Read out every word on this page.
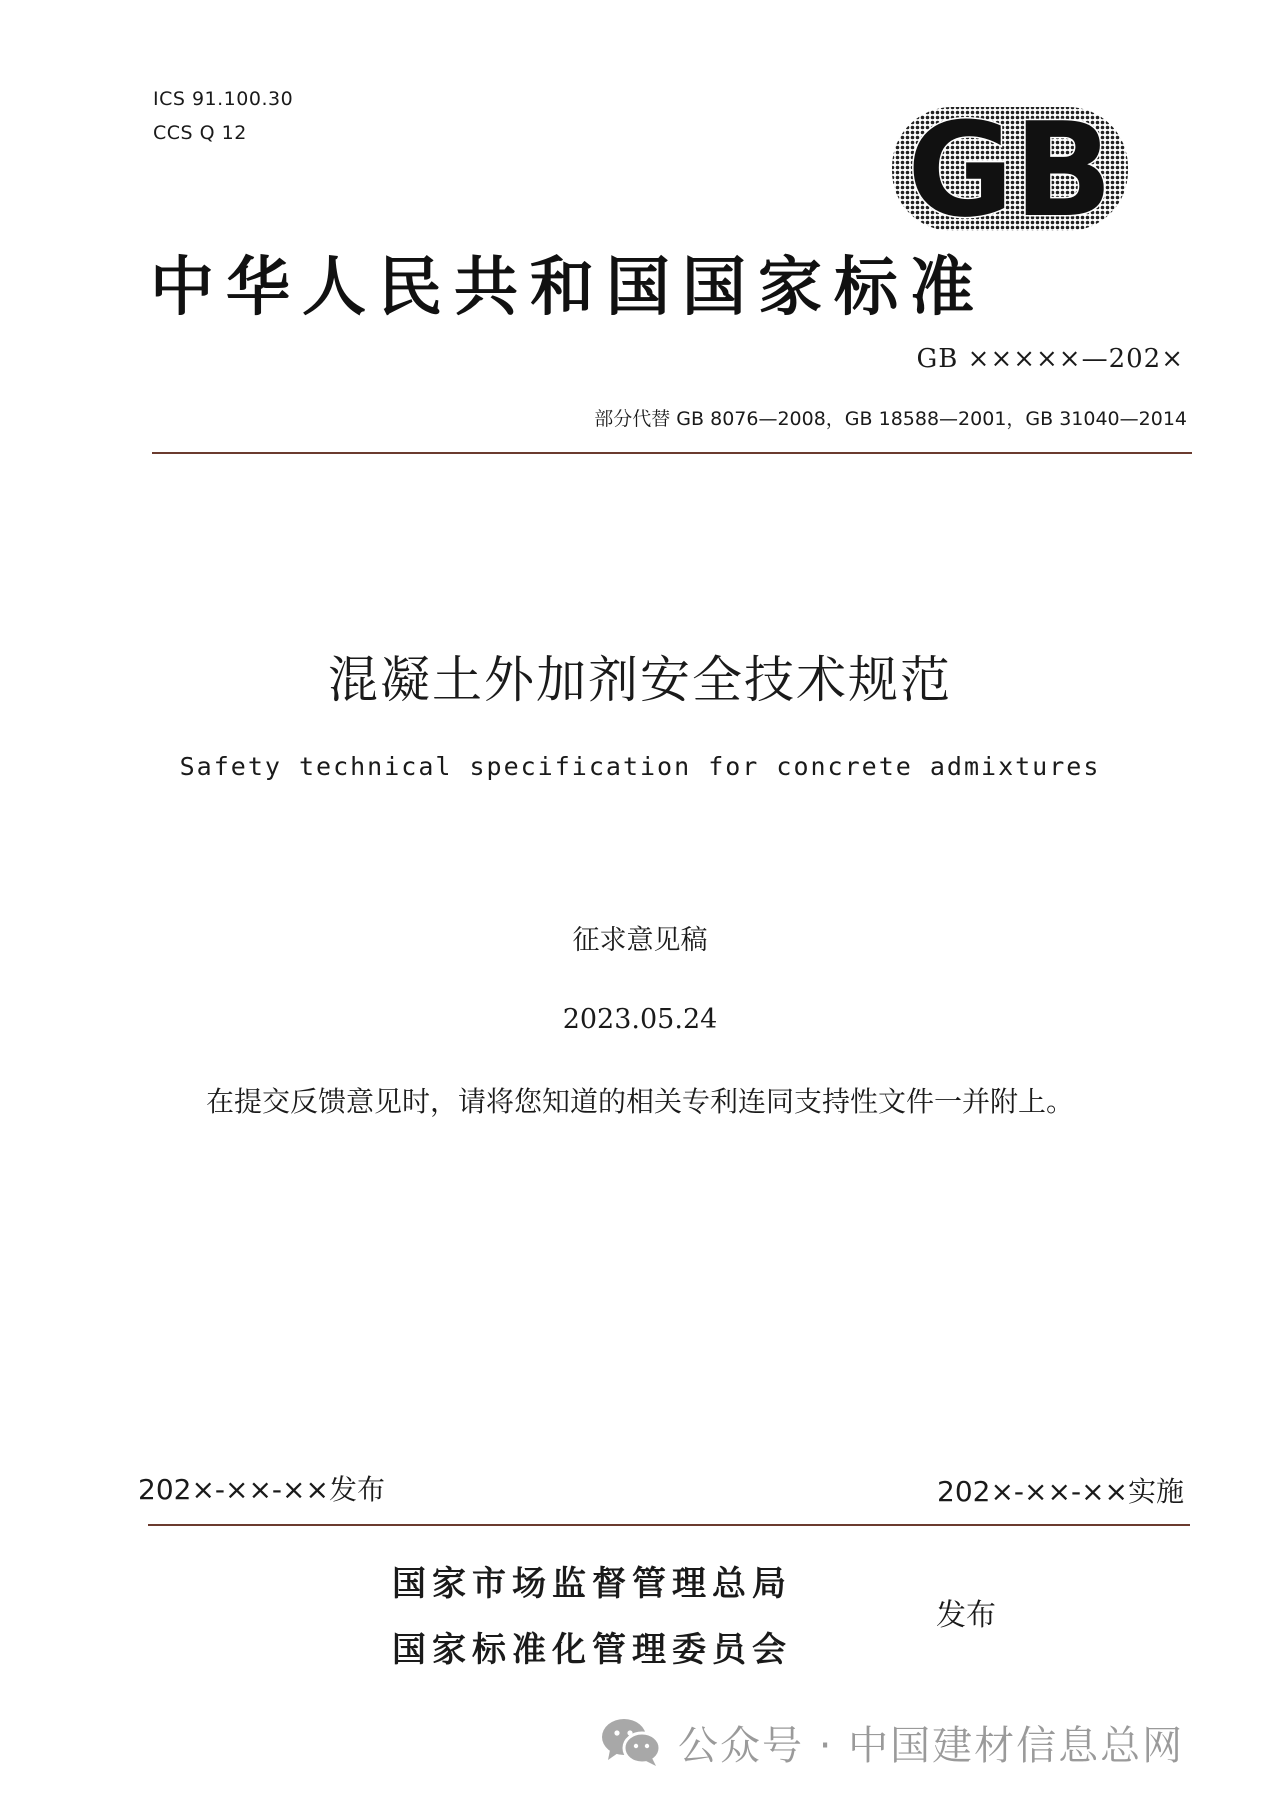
ICS 91.100.30
CCS Q 12	GB
中华人民共和国国家标准
GB ×××××—202×
部分代替 GB 8076—2008，GB 18588—2001，GB 31040—2014
混凝土外加剂安全技术规范
Safety technical specification for concrete admixtures
征求意见稿
2023.05.24
在提交反馈意见时，请将您知道的相关专利连同支持性文件一并附上。
202×-××-××发布	202×-××-××实施
国家市场监督管理总局
国家标准化管理委员会
发布
公众号 · 中国建材信息总网
